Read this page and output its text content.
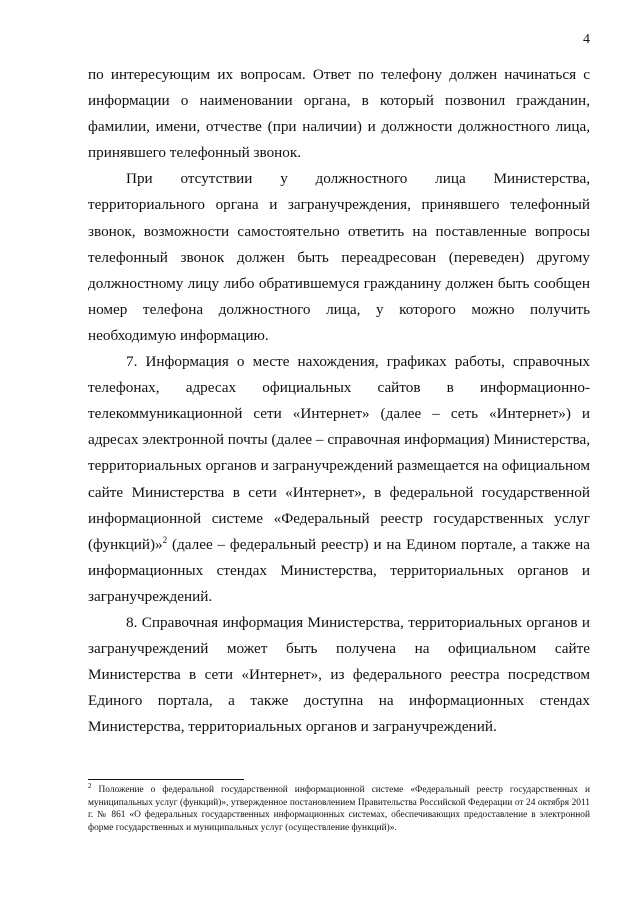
4

по интересующим их вопросам. Ответ по телефону должен начинаться с информации о наименовании органа, в который позвонил гражданин, фамилии, имени, отчестве (при наличии) и должности должностного лица, принявшего телефонный звонок.

При отсутствии у должностного лица Министерства, территориального органа и загранучреждения, принявшего телефонный звонок, возможности самостоятельно ответить на поставленные вопросы телефонный звонок должен быть переадресован (переведен) другому должностному лицу либо обратившемуся гражданину должен быть сообщен номер телефона должностного лица, у которого можно получить необходимую информацию.

7. Информация о месте нахождения, графиках работы, справочных телефонах, адресах официальных сайтов в информационно-телекоммуникационной сети «Интернет» (далее – сеть «Интернет») и адресах электронной почты (далее – справочная информация) Министерства, территориальных органов и загранучреждений размещается на официальном сайте Министерства в сети «Интернет», в федеральной государственной информационной системе «Федеральный реестр государственных услуг (функций)»$^2$ (далее – федеральный реестр) и на Едином портале, а также на информационных стендах Министерства, территориальных органов и загранучреждений.

8. Справочная информация Министерства, территориальных органов и загранучреждений может быть получена на официальном сайте Министерства в сети «Интернет», из федерального реестра посредством Единого портала, а также доступна на информационных стендах Министерства, территориальных органов и загранучреждений.

$^2$ Положение о федеральной государственной информационной системе «Федеральный реестр государственных и муниципальных услуг (функций)», утвержденное постановлением Правительства Российской Федерации от 24 октября 2011 г. № 861 «О федеральных государственных информационных системах, обеспечивающих предоставление в электронной форме государственных и муниципальных услуг (осуществление функций)».
